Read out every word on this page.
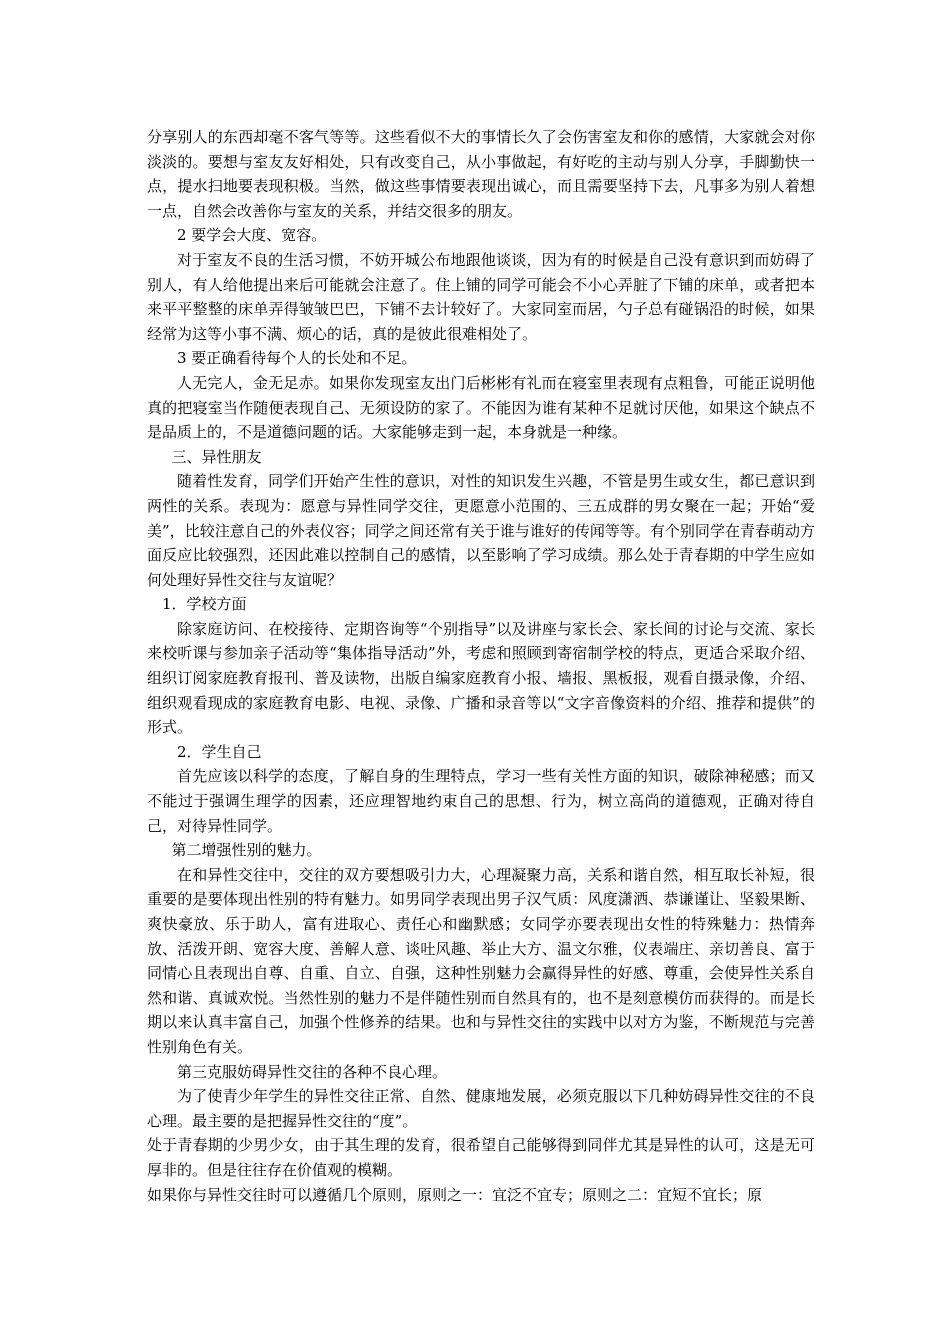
分享别人的东西却毫不客气等等。这些看似不大的事情长久了会伤害室友和你的感情，大家就会对你淡淡的。要想与室友友好相处，只有改变自己，从小事做起，有好吃的主动与别人分享，手脚勤快一点，提水扫地要表现积极。当然，做这些事情要表现出诚心，而且需要坚持下去，凡事多为别人着想一点，自然会改善你与室友的关系，并结交很多的朋友。

2 要学会大度、宽容。

对于室友不良的生活习惯，不妨开城公布地跟他谈谈，因为有的时候是自己没有意识到而妨碍了别人，有人给他提出来后可能就会注意了。住上铺的同学可能会不小心弄脏了下铺的床单，或者把本来平平整整的床单弄得皱皱巴巴，下铺不去计较好了。大家同室而居，勺子总有碰锅沿的时候，如果经常为这等小事不满、烦心的话，真的是彼此很难相处了。

3 要正确看待每个人的长处和不足。

人无完人，金无足赤。如果你发现室友出门后彬彬有礼而在寝室里表现有点粗鲁，可能正说明他真的把寝室当作随便表现自己、无须设防的家了。不能因为谁有某种不足就讨厌他，如果这个缺点不是品质上的，不是道德问题的话。大家能够走到一起，本身就是一种缘。

三、异性朋友

随着性发育，同学们开始产生性的意识，对性的知识发生兴趣，不管是男生或女生，都已意识到两性的关系。表现为：愿意与异性同学交往，更愿意小范围的、三五成群的男女聚在一起；开始“爱美”，比较注意自己的外表仪容；同学之间还常有关于谁与谁好的传闻等等。有个别同学在青春萌动方面反应比较强烈，还因此难以控制自己的感情，以至影响了学习成绩。那么处于青春期的中学生应如何处理好异性交往与友谊呢？

1．学校方面

除家庭访问、在校接待、定期咨询等“个别指导”以及讲座与家长会、家长间的讨论与交流、家长来校听课与参加亲子活动等“集体指导活动”外，考虑和照顾到寄宿制学校的特点，更适合采取介绍、组织订阅家庭教育报刊、普及读物，出版自编家庭教育小报、墙报、黑板报，观看自摄录像，介绍、组织观看现成的家庭教育电影、电视、录像、广播和录音等以“文字音像资料的介绍、推荐和提供”的形式。

2．学生自己

首先应该以科学的态度，了解自身的生理特点，学习一些有关性方面的知识，破除神秘感；而又不能过于强调生理学的因素，还应理智地约束自己的思想、行为，树立高尚的道德观，正确对待自己，对待异性同学。

第二增强性别的魅力。

在和异性交往中，交往的双方要想吸引力大，心理凝聚力高，关系和谐自然，相互取长补短，很重要的是要体现出性别的特有魅力。如男同学表现出男子汉气质：风度潇洒、恭谦谨让、坚毅果断、爽快豪放、乐于助人，富有进取心、责任心和幽默感；女同学亦要表现出女性的特殊魅力：热情奔放、活泼开朗、宽容大度、善解人意、谈吐风趣、举止大方、温文尔雅，仪表端庄、亲切善良、富于同情心且表现出自尊、自重、自立、自强，这种性别魅力会赢得异性的好感、尊重，会使异性关系自然和谐、真诚欢悦。当然性别的魅力不是伴随性别而自然具有的，也不是刻意模仿而获得的。而是长期以来认真丰富自己，加强个性修养的结果。也和与异性交往的实践中以对方为鉴，不断规范与完善性别角色有关。

第三克服妨碍异性交往的各种不良心理。

为了使青少年学生的异性交往正常、自然、健康地发展，必须克服以下几种妨碍异性交往的不良心理。最主要的是把握异性交往的“度”。

处于青春期的少男少女，由于其生理的发育，很希望自己能够得到同伴尤其是异性的认可，这是无可厚非的。但是往往存在价值观的模糊。

如果你与异性交往时可以遵循几个原则，原则之一：宜泛不宜专；原则之二：宜短不宜长；原
